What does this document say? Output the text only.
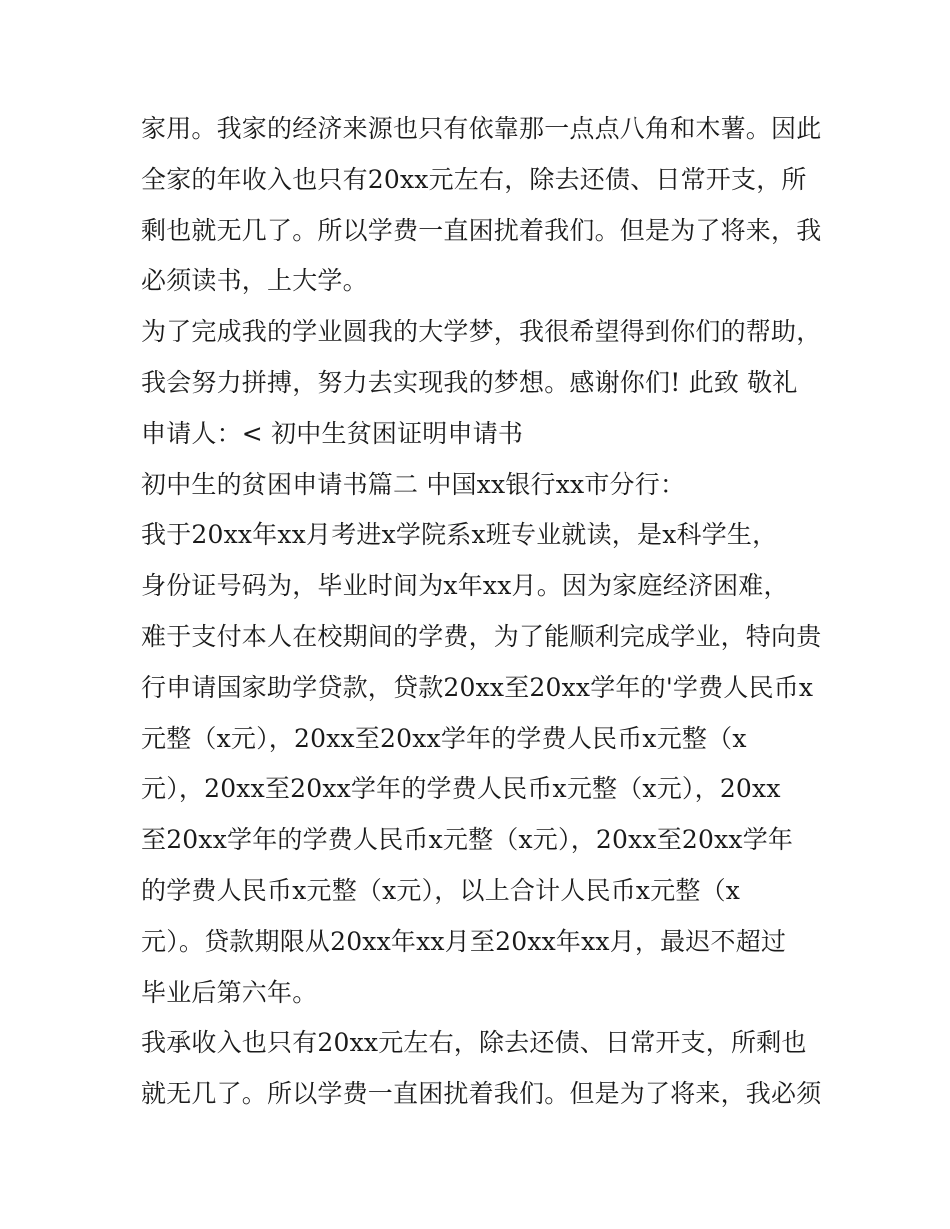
家用。我家的经济来源也只有依靠那一点点八角和木薯。因此
全家的年收入也只有20xx元左右，除去还债、日常开支，所
剩也就无几了。所以学费一直困扰着我们。但是为了将来，我
必须读书，上大学。
为了完成我的学业圆我的大学梦，我很希望得到你们的帮助，
我会努力拼搏，努力去实现我的梦想。感谢你们! 此致 敬礼
申请人：< 初中生贫困证明申请书
初中生的贫困申请书篇二 中国xx银行xx市分行：
我于20xx年xx月考进x学院系x班专业就读，是x科学生，
身份证号码为，毕业时间为x年xx月。因为家庭经济困难，
难于支付本人在校期间的学费，为了能顺利完成学业，特向贵
行申请国家助学贷款，贷款20xx至20xx学年的'学费人民币x
元整（x元），20xx至20xx学年的学费人民币x元整（x
元），20xx至20xx学年的学费人民币x元整（x元），20xx
至20xx学年的学费人民币x元整（x元），20xx至20xx学年
的学费人民币x元整（x元），以上合计人民币x元整（x
元）。贷款期限从20xx年xx月至20xx年xx月，最迟不超过
毕业后第六年。
我承收入也只有20xx元左右，除去还债、日常开支，所剩也
就无几了。所以学费一直困扰着我们。但是为了将来，我必须
